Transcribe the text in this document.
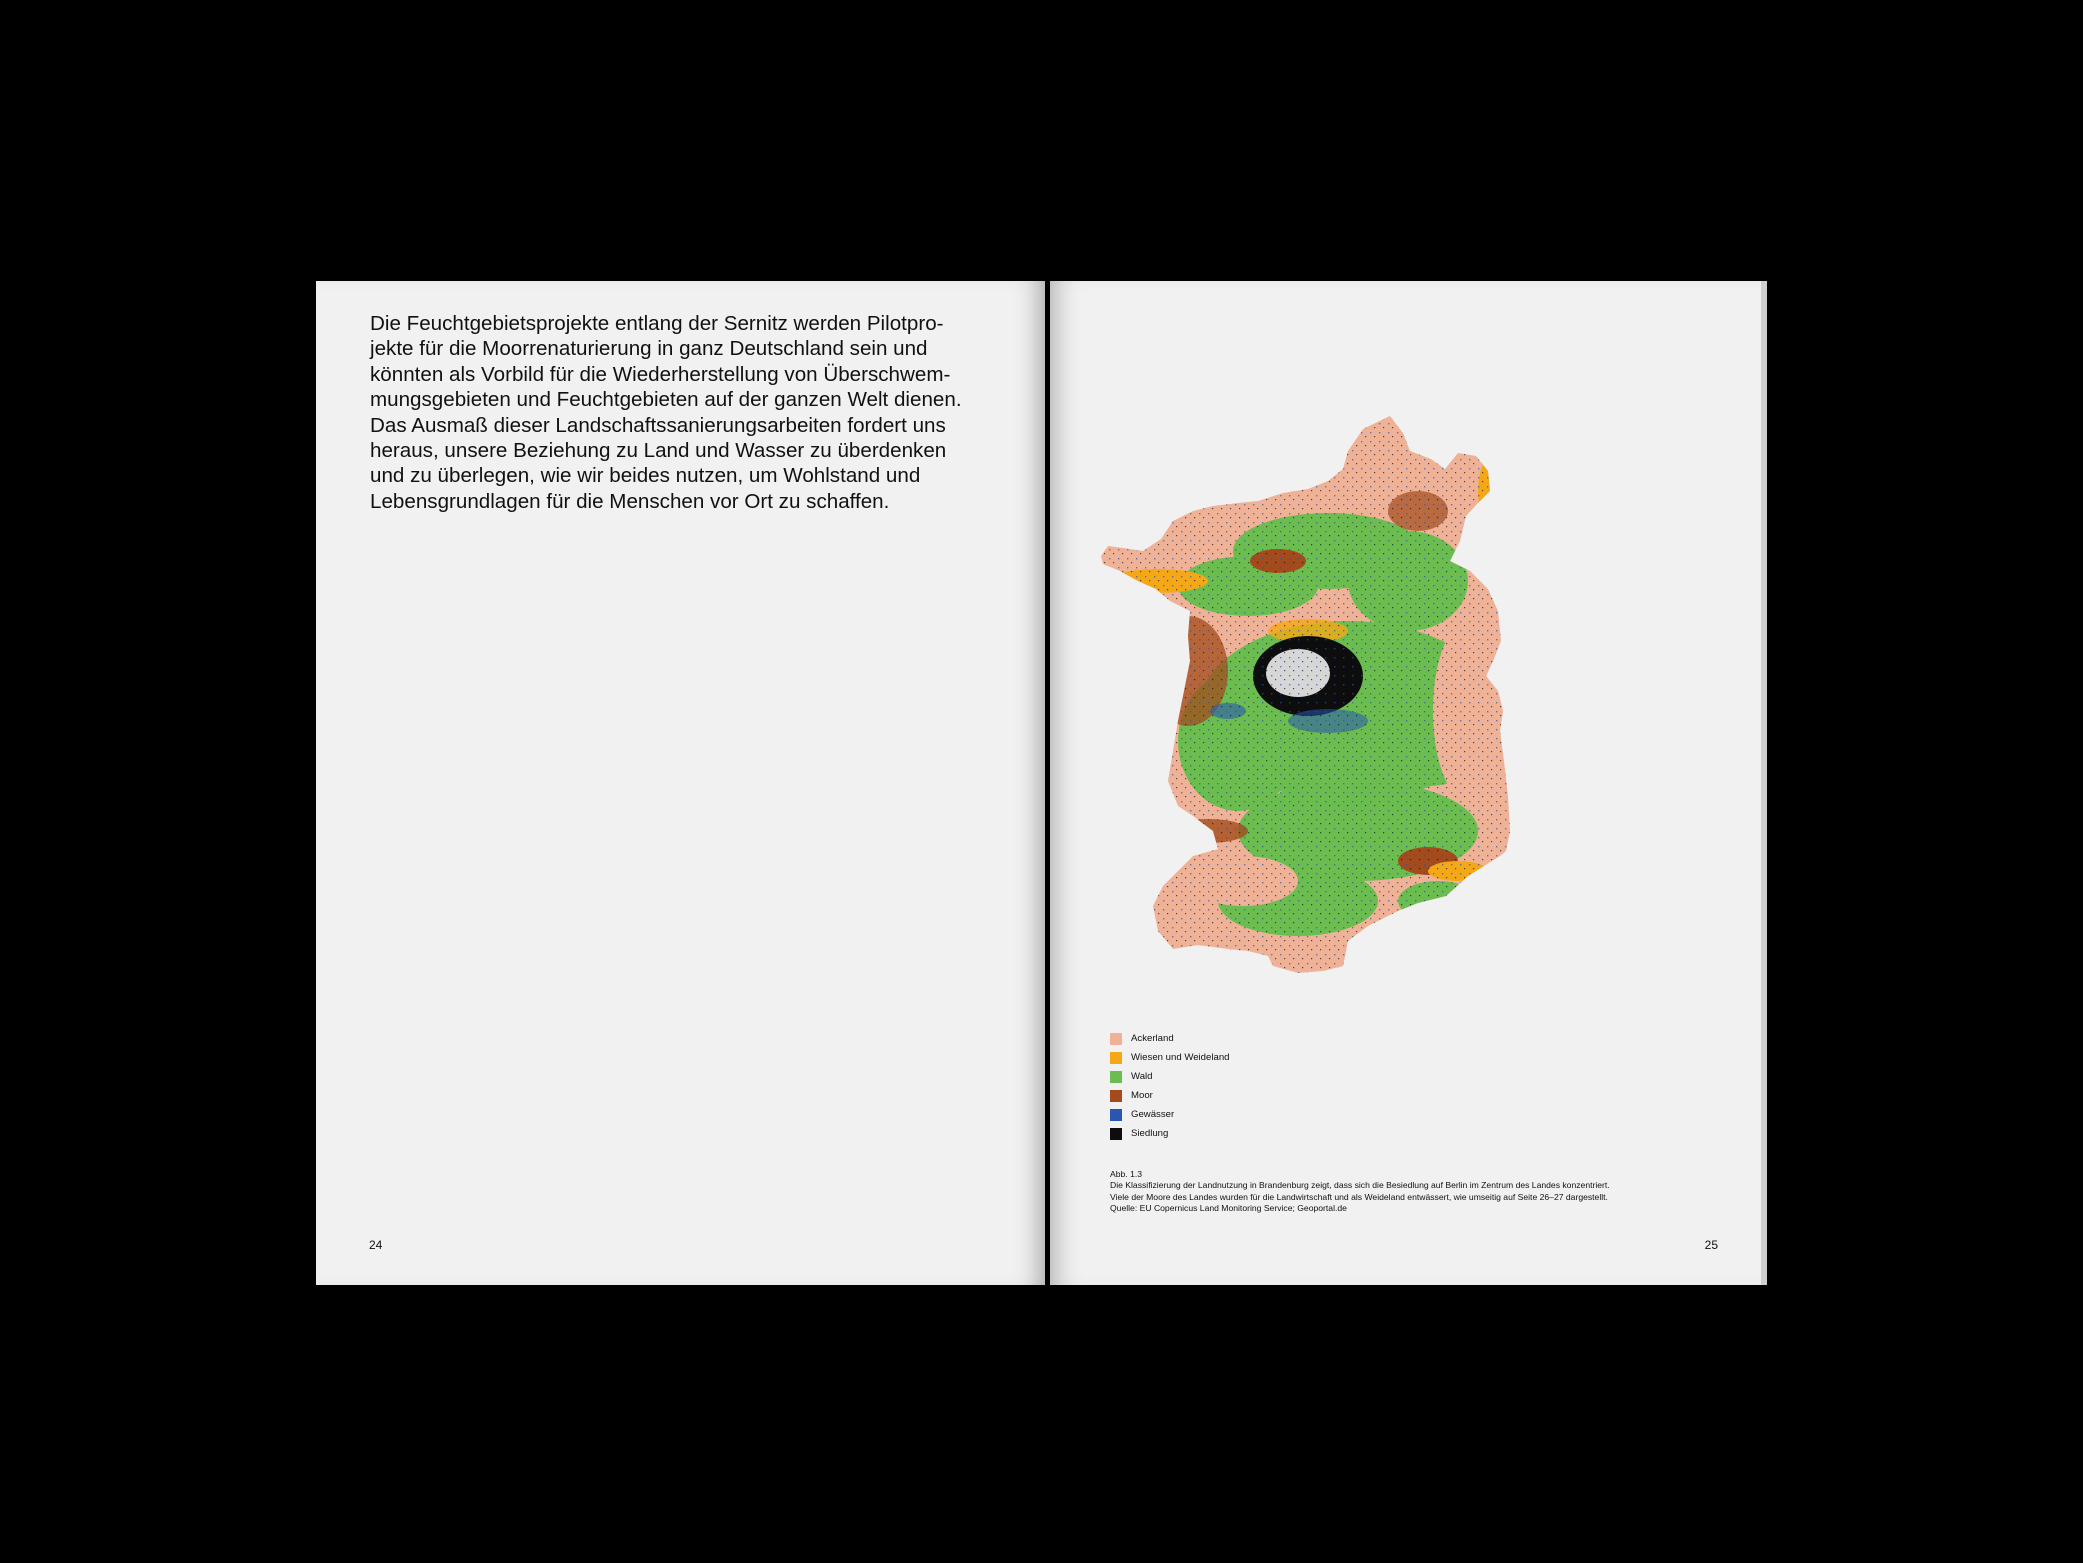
Die Feuchtgebietsprojekte entlang der Sernitz werden Pilotpro-
jekte für die Moorrenaturierung in ganz Deutschland sein und
könnten als Vorbild für die Wiederherstellung von Überschwem-
mungsgebieten und Feuchtgebieten auf der ganzen Welt dienen.
Das Ausmaß dieser Landschaftssanierungsarbeiten fordert uns
heraus, unsere Beziehung zu Land und Wasser zu überdenken
und zu überlegen, wie wir beides nutzen, um Wohlstand und
Lebensgrundlagen für die Menschen vor Ort zu schaffen.
24
Ackerland
Wiesen und Weideland
Wald
Moor
Gewässer
Siedlung
Abb. 1.3
Die Klassifizierung der Landnutzung in Brandenburg zeigt, dass sich die Besiedlung auf Berlin im Zentrum des Landes konzentriert.
Viele der Moore des Landes wurden für die Landwirtschaft und als Weideland entwässert, wie umseitig auf Seite 26–27 dargestellt.
Quelle: EU Copernicus Land Monitoring Service; Geoportal.de
25
